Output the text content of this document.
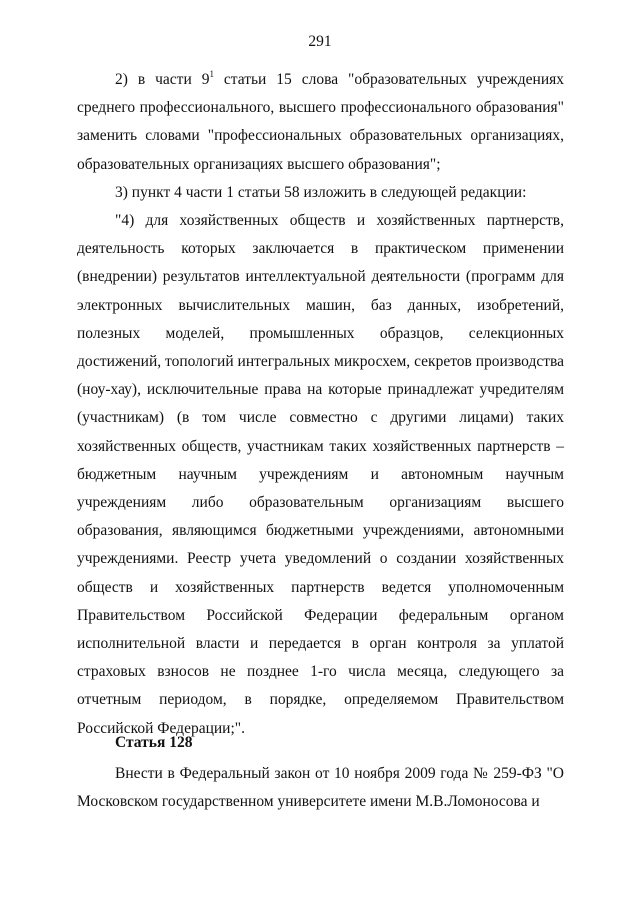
291

2) в части $9^1$ статьи 15 слова "образовательных учреждениях среднего профессионального, высшего профессионального образования" заменить словами "профессиональных образовательных организациях, образовательных организациях высшего образования";

3) пункт 4 части 1 статьи 58 изложить в следующей редакции:

"4) для хозяйственных обществ и хозяйственных партнерств, деятельность которых заключается в практическом применении (внедрении) результатов интеллектуальной деятельности (программ для электронных вычислительных машин, баз данных, изобретений, полезных моделей, промышленных образцов, селекционных достижений, топологий интегральных микросхем, секретов производства (ноу-хау), исключительные права на которые принадлежат учредителям (участникам) (в том числе совместно с другими лицами) таких хозяйственных обществ, участникам таких хозяйственных партнерств – бюджетным научным учреждениям и автономным научным учреждениям либо образовательным организациям высшего образования, являющимся бюджетными учреждениями, автономными учреждениями. Реестр учета уведомлений о создании хозяйственных обществ и хозяйственных партнерств ведется уполномоченным Правительством Российской Федерации федеральным органом исполнительной власти и передается в орган контроля за уплатой страховых взносов не позднее 1-го числа месяца, следующего за отчетным периодом, в порядке, определяемом Правительством Российской Федерации;".

Статья 128

Внести в Федеральный закон от 10 ноября 2009 года № 259-ФЗ "О Московском государственном университете имени М.В.Ломоносова и
